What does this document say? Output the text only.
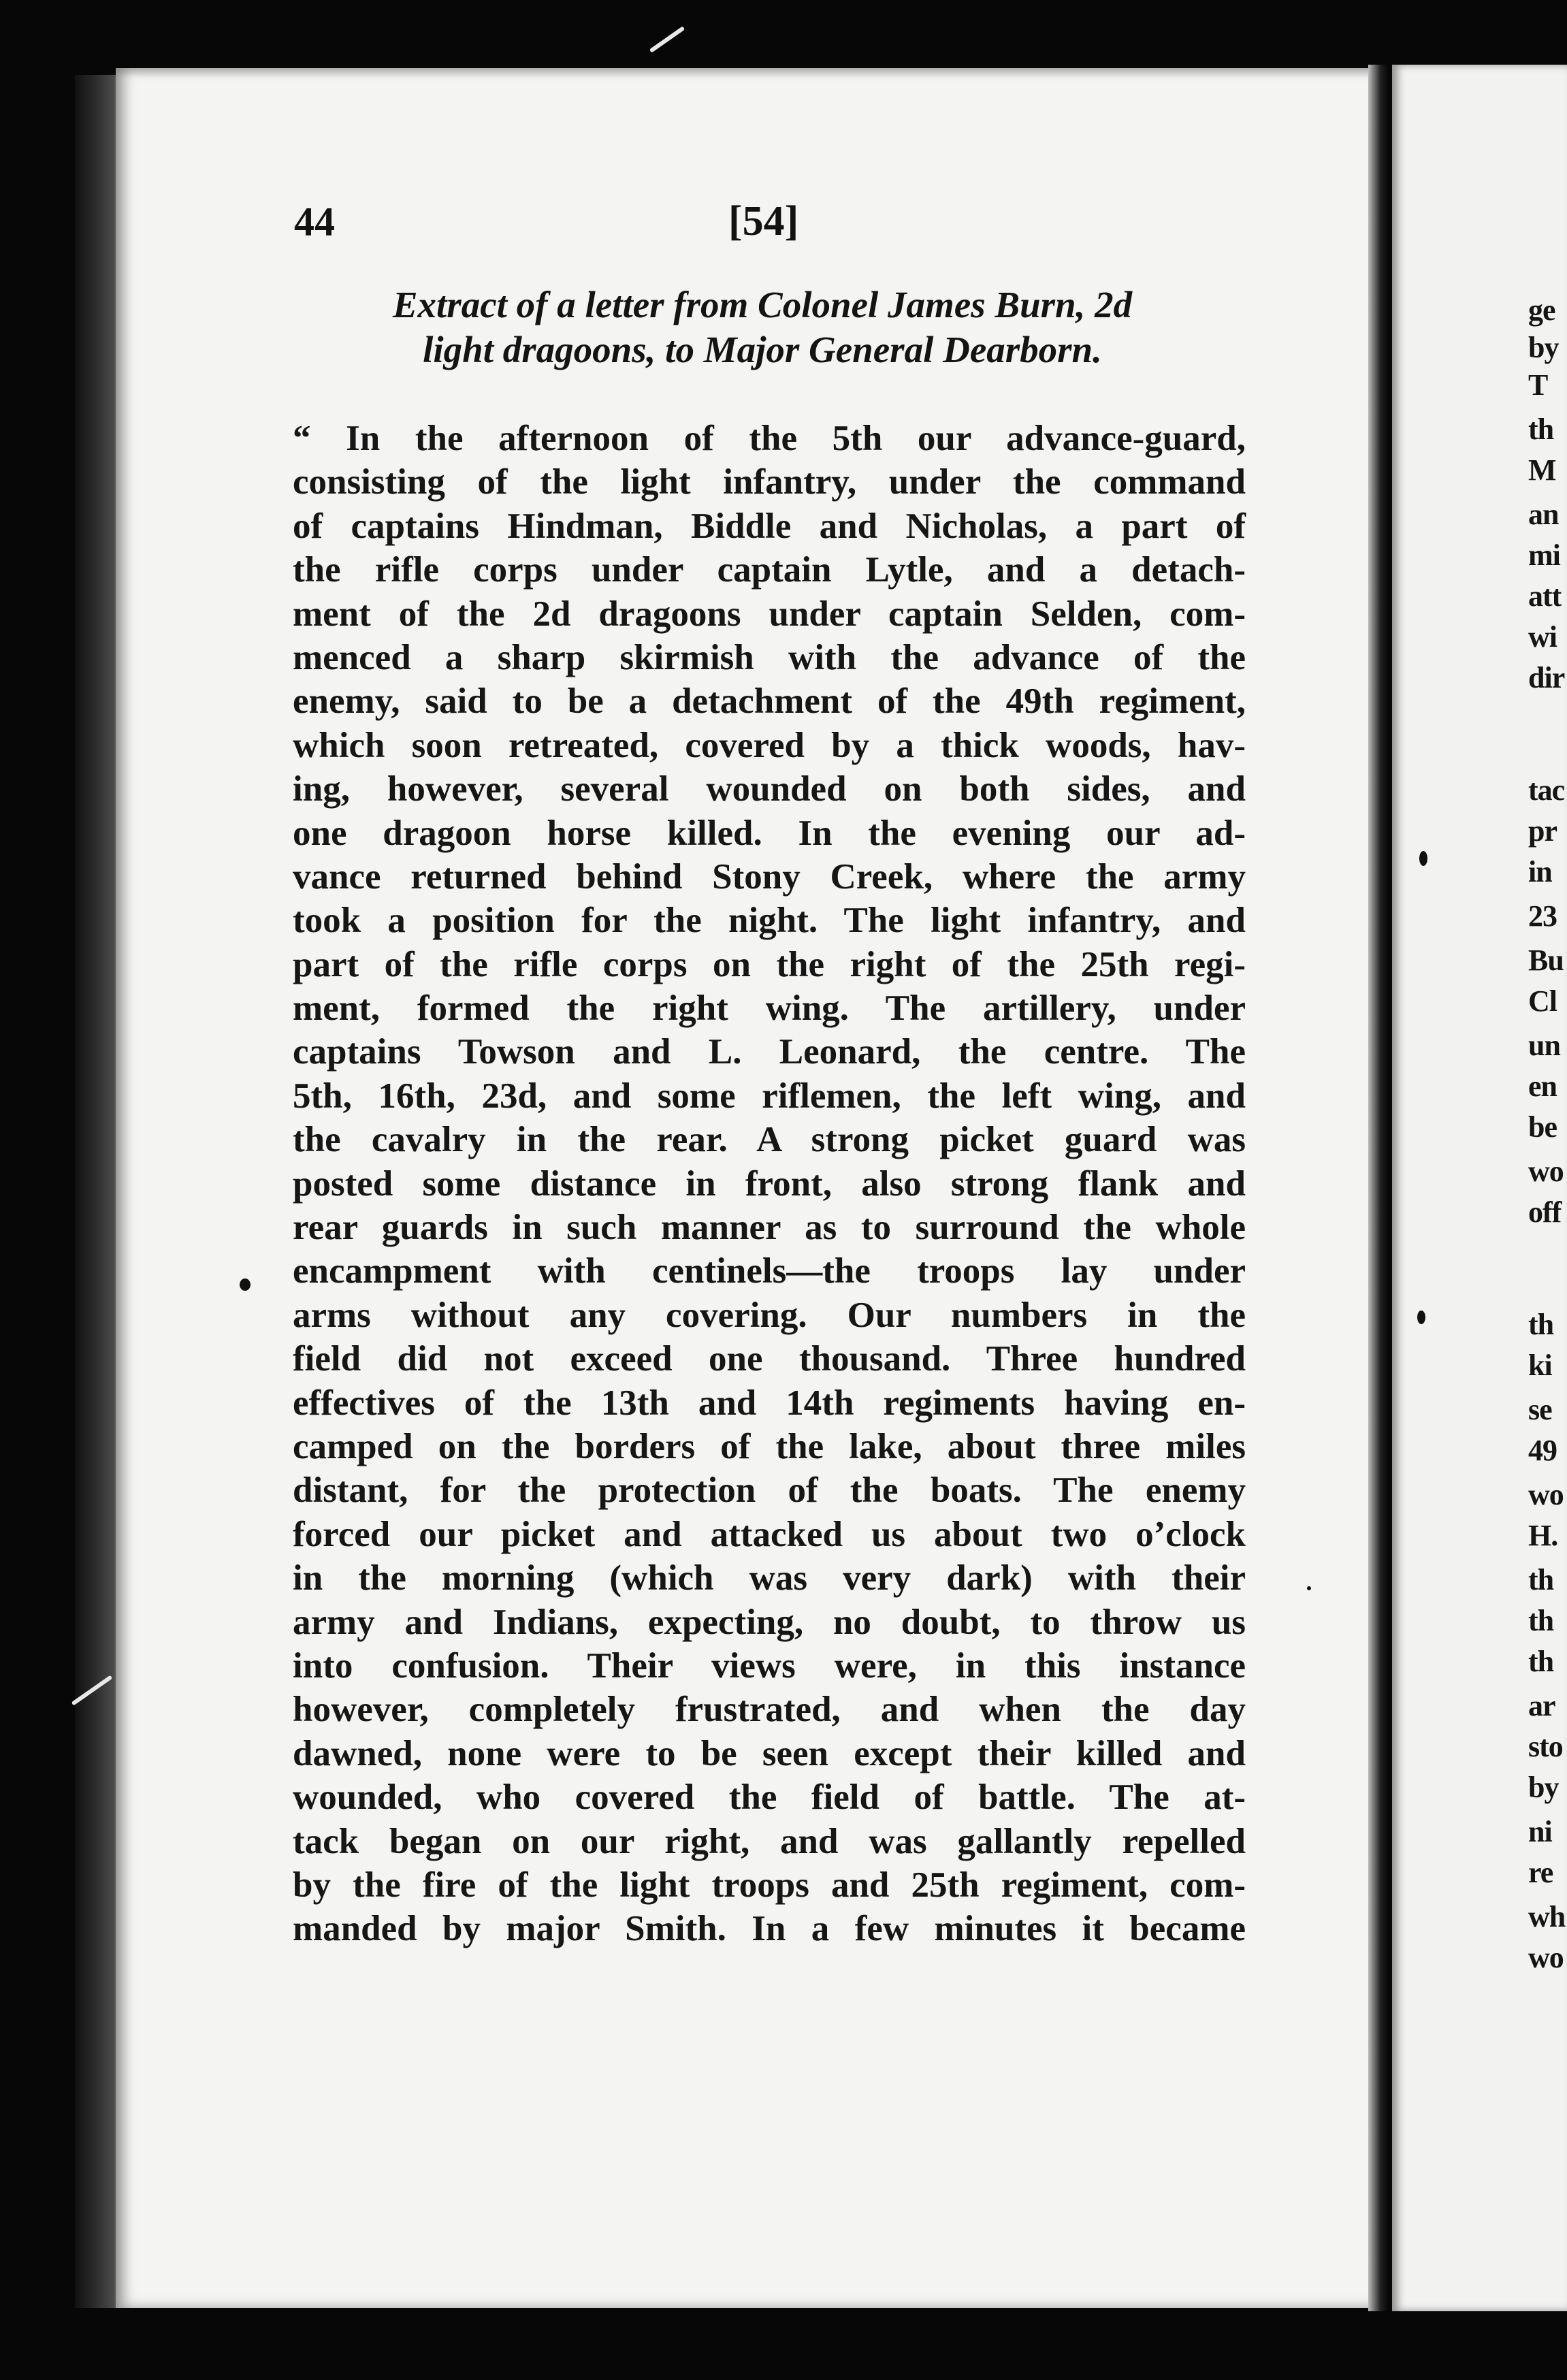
ge
by
T
th
M
an
mi
att
wi
dir
tac
pr
in
23
Bu
Cl
un
en
be
wo
off
th
ki
se
49
wo
H.
th
th
th
ar
sto
by
ni
re
wh
wo
44	[54]
Extract of a letter from Colonel James Burn, 2d
light dragoons, to Major General Dearborn.
“ In the afternoon of the 5th our advance-guard,
consisting of the light infantry, under the command
of captains Hindman, Biddle and Nicholas, a part of
the rifle corps under captain Lytle, and a detach-
ment of the 2d dragoons under captain Selden, com-
menced a sharp skirmish with the advance of the
enemy, said to be a detachment of the 49th regiment,
which soon retreated, covered by a thick woods, hav-
ing, however, several wounded on both sides, and
one dragoon horse killed. In the evening our ad-
vance returned behind Stony Creek, where the army
took a position for the night. The light infantry, and
part of the rifle corps on the right of the 25th regi-
ment, formed the right wing. The artillery, under
captains Towson and L. Leonard, the centre. The
5th, 16th, 23d, and some riflemen, the left wing, and
the cavalry in the rear. A strong picket guard was
posted some distance in front, also strong flank and
rear guards in such manner as to surround the whole
encampment with centinels—the troops lay under
arms without any covering. Our numbers in the
field did not exceed one thousand. Three hundred
effectives of the 13th and 14th regiments having en-
camped on the borders of the lake, about three miles
distant, for the protection of the boats. The enemy
forced our picket and attacked us about two o’clock
in the morning (which was very dark) with their
army and Indians, expecting, no doubt, to throw us
into confusion. Their views were, in this instance
however, completely frustrated, and when the day
dawned, none were to be seen except their killed and
wounded, who covered the field of battle. The at-
tack began on our right, and was gallantly repelled
by the fire of the light troops and 25th regiment, com-
manded by major Smith. In a few minutes it became
